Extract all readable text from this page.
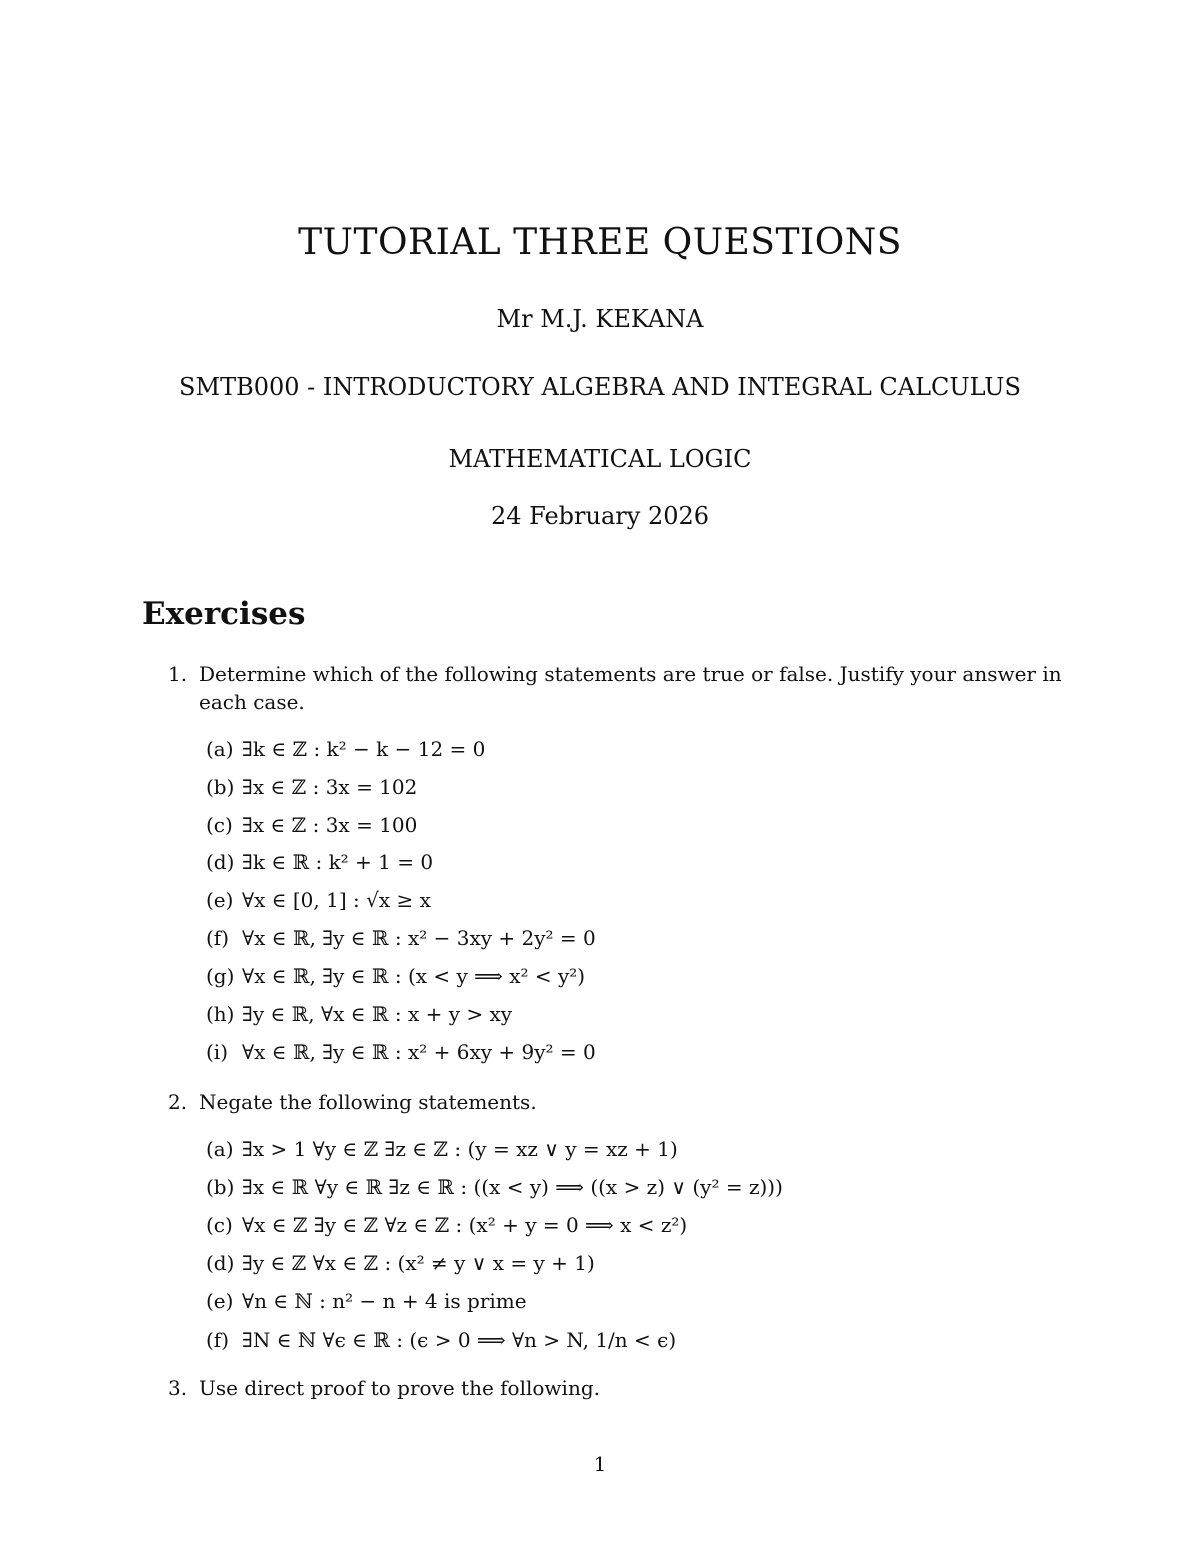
TUTORIAL THREE QUESTIONS
Mr M.J. KEKANA
SMTB000 - INTRODUCTORY ALGEBRA AND INTEGRAL CALCULUS
MATHEMATICAL LOGIC
24 February 2026
Exercises
1. Determine which of the following statements are true or false. Justify your answer in each case.
(a) ∃k ∈ ℤ : k² − k − 12 = 0
(b) ∃x ∈ ℤ : 3x = 102
(c) ∃x ∈ ℤ : 3x = 100
(d) ∃k ∈ ℝ : k² + 1 = 0
(e) ∀x ∈ [0, 1] : √x ≥ x
(f) ∀x ∈ ℝ, ∃y ∈ ℝ : x² − 3xy + 2y² = 0
(g) ∀x ∈ ℝ, ∃y ∈ ℝ : (x < y ⟹ x² < y²)
(h) ∃y ∈ ℝ, ∀x ∈ ℝ : x + y > xy
(i) ∀x ∈ ℝ, ∃y ∈ ℝ : x² + 6xy + 9y² = 0
2. Negate the following statements.
(a) ∃x > 1 ∀y ∈ ℤ ∃z ∈ ℤ : (y = xz ∨ y = xz + 1)
(b) ∃x ∈ ℝ ∀y ∈ ℝ ∃z ∈ ℝ : ((x < y) ⟹ ((x > z) ∨ (y² = z)))
(c) ∀x ∈ ℤ ∃y ∈ ℤ ∀z ∈ ℤ : (x² + y = 0 ⟹ x < z²)
(d) ∃y ∈ ℤ ∀x ∈ ℤ : (x² ≠ y ∨ x = y + 1)
(e) ∀n ∈ ℕ : n² − n + 4 is prime
(f) ∃N ∈ ℕ ∀ϵ ∈ ℝ : (ϵ > 0 ⟹ ∀n > N, 1/n < ϵ)
3. Use direct proof to prove the following.
1
